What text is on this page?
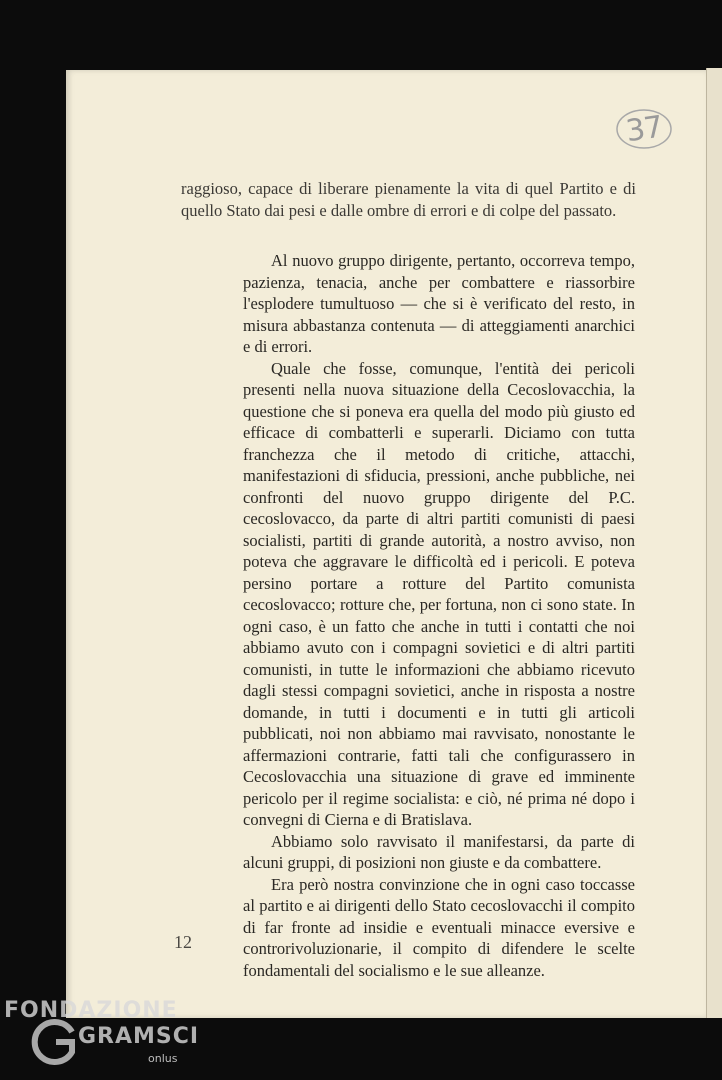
37

raggioso, capace di liberare pienamente la vita di quel Partito e di quello Stato dai pesi e dalle ombre di errori e di colpe del passato.

Al nuovo gruppo dirigente, pertanto, occorreva tempo, pazienza, tenacia, anche per combattere e riassorbire l'esplodere tumultuoso — che si è verificato del resto, in misura abbastanza contenuta — di atteggiamenti anarchici e di errori.

Quale che fosse, comunque, l'entità dei pericoli presenti nella nuova situazione della Cecoslovacchia, la questione che si poneva era quella del modo più giusto ed efficace di combatterli e superarli. Diciamo con tutta franchezza che il metodo di critiche, attacchi, manifestazioni di sfiducia, pressioni, anche pubbliche, nei confronti del nuovo gruppo dirigente del P.C. cecoslovacco, da parte di altri partiti comunisti di paesi socialisti, partiti di grande autorità, a nostro avviso, non poteva che aggravare le difficoltà ed i pericoli. E poteva persino portare a rotture del Partito comunista cecoslovacco; rotture che, per fortuna, non ci sono state. In ogni caso, è un fatto che anche in tutti i contatti che noi abbiamo avuto con i compagni sovietici e di altri partiti comunisti, in tutte le informazioni che abbiamo ricevuto dagli stessi compagni sovietici, anche in risposta a nostre domande, in tutti i documenti e in tutti gli articoli pubblicati, noi non abbiamo mai ravvisato, nonostante le affermazioni contrarie, fatti tali che configurassero in Cecoslovacchia una situazione di grave ed imminente pericolo per il regime socialista: e ciò, né prima né dopo i convegni di Cierna e di Bratislava.

Abbiamo solo ravvisato il manifestarsi, da parte di alcuni gruppi, di posizioni non giuste e da combattere.

Era però nostra convinzione che in ogni caso toccasse al partito e ai dirigenti dello Stato cecoslovacchi il compito di far fronte ad insidie e eventuali minacce eversive e controrivoluzionarie, il compito di difendere le scelte fondamentali del socialismo e le sue alleanze.

12
FONDAZIONE
GRAMSCI
onlus
